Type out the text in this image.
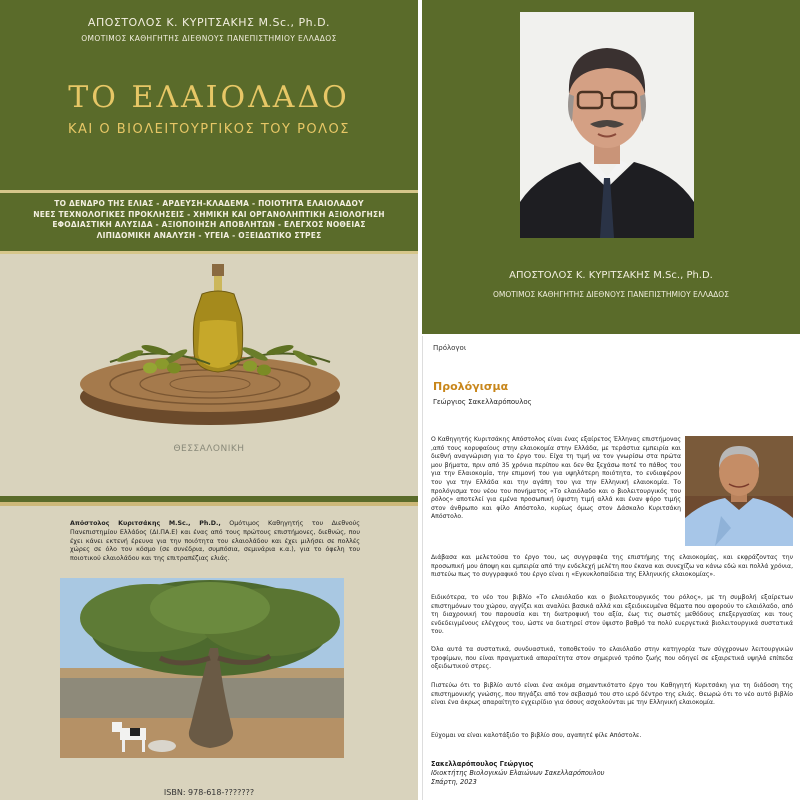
ΑΠΟΣΤΟΛΟΣ Κ. ΚΥΡΙΤΣΑΚΗΣ M.Sc., Ph.D.
ΟΜΟΤΙΜΟΣ ΚΑΘΗΓΗΤΗΣ ΔΙΕΘΝΟΥΣ ΠΑΝΕΠΙΣΤΗΜΙΟΥ ΕΛΛΑΔΟΣ
ΤΟ ΕΛΑΙΟΛΑΔΟ
ΚΑΙ Ο ΒΙΟΛΕΙΤΟΥΡΓΙΚΟΣ ΤΟΥ ΡΟΛΟΣ
ΤΟ ΔΕΝΔΡΟ ΤΗΣ ΕΛΙΑΣ - ΑΡΔΕΥΣΗ-ΚΛΑΔΕΜΑ - ΠΟΙΟΤΗΤΑ ΕΛΑΙΟΛΑΔΟΥ
ΝΕΕΣ ΤΕΧΝΟΛΟΓΙΚΕΣ ΠΡΟΚΛΗΣΕΙΣ - ΧΗΜΙΚΗ ΚΑΙ ΟΡΓΑΝΟΛΗΠΤΙΚΗ ΑΞΙΟΛΟΓΗΣΗ
ΕΦΟΔΙΑΣΤΙΚΗ ΑΛΥΣΙΔΑ - ΑΞΙΟΠΟΙΗΣΗ ΑΠΟΒΛΗΤΩΝ - ΕΛΕΓΧΟΣ ΝΟΘΕΙΑΣ
ΛΙΠΙΔΟΜΙΚΗ ΑΝΑΛΥΣΗ - ΥΓΕΙΑ - ΟΞΕΙΔΩΤΙΚΟ ΣΤΡΕΣ
ΘΕΣΣΑΛΟΝΙΚΗ
ΑΠΟΣΤΟΛΟΣ Κ. ΚΥΡΙΤΣΑΚΗΣ M.Sc., Ph.D.
ΟΜΟΤΙΜΟΣ ΚΑΘΗΓΗΤΗΣ ΔΙΕΘΝΟΥΣ ΠΑΝΕΠΙΣΤΗΜΙΟΥ ΕΛΛΑΔΟΣ
Απόστολος Κυριτσάκης M.Sc., Ph.D., Ομότιμος Καθηγητής του Διεθνούς Πανεπιστημίου Ελλάδος (ΔΙ.ΠΑ.Ε) και ένας από τους πρώτους επιστήμονες, διεθνώς, που έχει κάνει εκτενή έρευνα για την ποιότητα του ελαιολάδου και έχει μιλήσει σε πολλές χώρες σε όλο τον κόσμο (σε συνέδρια, συμπόσια, σεμινάρια κ.α.), για το όφελη του ποιοτικού ελαιολάδου και της επιτραπέζιας ελιάς.
ISBN: 978-618-???????
Πρόλογοι
Προλόγισμα
Γεώργιος Σακελλαρόπουλος

Ο Καθηγητής Κυριτσάκης Απόστολος είναι ένας εξαίρετος Έλληνας επιστήμονας ,από τους κορυφαίους στην ελαιοκομία στην Ελλάδα, με τεράστια εμπειρία και διεθνή αναγνώριση για το έργο του. Είχα τη τιμή να τον γνωρίσω στα πρώτα μου βήματα, πριν από 35 χρόνια περίπου και δεν θα ξεχάσω ποτέ το πάθος του για την Ελαιοκομία, την επιμονή του για υψηλότερη ποιότητα, το ενδιαφέρον του για την Ελλάδα και την αγάπη του για την Ελληνική ελαιοκομία. Το προλόγισμα του νέου του πονήματος «Το ελαιόλαδο και ο βιολειτουργικός του ρόλος» αποτελεί για εμένα προσωπική ύψιστη τιμή αλλά και έναν φόρο τιμής στον άνθρωπο και φίλο Απόστολο, κυρίως όμως στον Δάσκαλο Κυριτσάκη Απόστολο.

Διάβασα και μελετούσα το έργο του, ως συγγραφέα της επιστήμης της ελαιοκομίας, και εκφράζοντας την προσωπική μου άποψη και εμπειρία από την ενδελεχή μελέτη που έκανα και συνεχίζω να κάνω εδώ και πολλά χρόνια, πιστεύω πως το συγγραφικό του έργο είναι η «Εγκυκλοπαίδεια της Ελληνικής ελαιοκομίας».

Ειδικότερα, το νέο του βιβλίο «Το ελαιόλαδο και ο βιολειτουργικός του ρόλος», με τη συμβολή εξαίρετων επιστημόνων του χώρου, αγγίζει και αναλύει βασικά αλλά και εξειδικευμένα θέματα που αφορούν το ελαιόλαδο, από τη διαχρονική του παρουσία και τη διατροφική του αξία, έως τις σωστές μεθόδους επεξεργασίας και τους ενδεδειγμένους ελέγχους του, ώστε να διατηρεί στον ύψιστο βαθμό τα πολύ ευεργετικά βιολειτουργικά συστατικά του.

Όλα αυτά τα συστατικά, συνδυαστικά, τοποθετούν το ελαιόλαδο στην κατηγορία των σύγχρονων λειτουργικών τροφίμων, που είναι πραγματικά απαραίτητα στον σημερινό τρόπο ζωής που οδηγεί σε εξαιρετικά υψηλά επίπεδα οξειδωτικού στρες.

Πιστεύω ότι το βιβλίο αυτό είναι ένα ακόμα σημαντικότατο έργο του Καθηγητή Κυριτσάκη για τη διάδοση της επιστημονικής γνώσης, που πηγάζει από τον σεβασμό του στο ιερό δέντρο της ελιάς. Θεωρώ ότι το νέο αυτό βιβλίο είναι ένα άκρως απαραίτητο εγχειρίδιο για όσους ασχολούνται με την Ελληνική ελαιοκομία.

Εύχομαι να είναι καλοτάξιδο το βιβλίο σου, αγαπητέ φίλε Απόστολε.

Σακελλαρόπουλος Γεώργιος
Ιδιοκτήτης Βιολογικών Ελαιώνων Σακελλαρόπουλου
Σπάρτη, 2023
